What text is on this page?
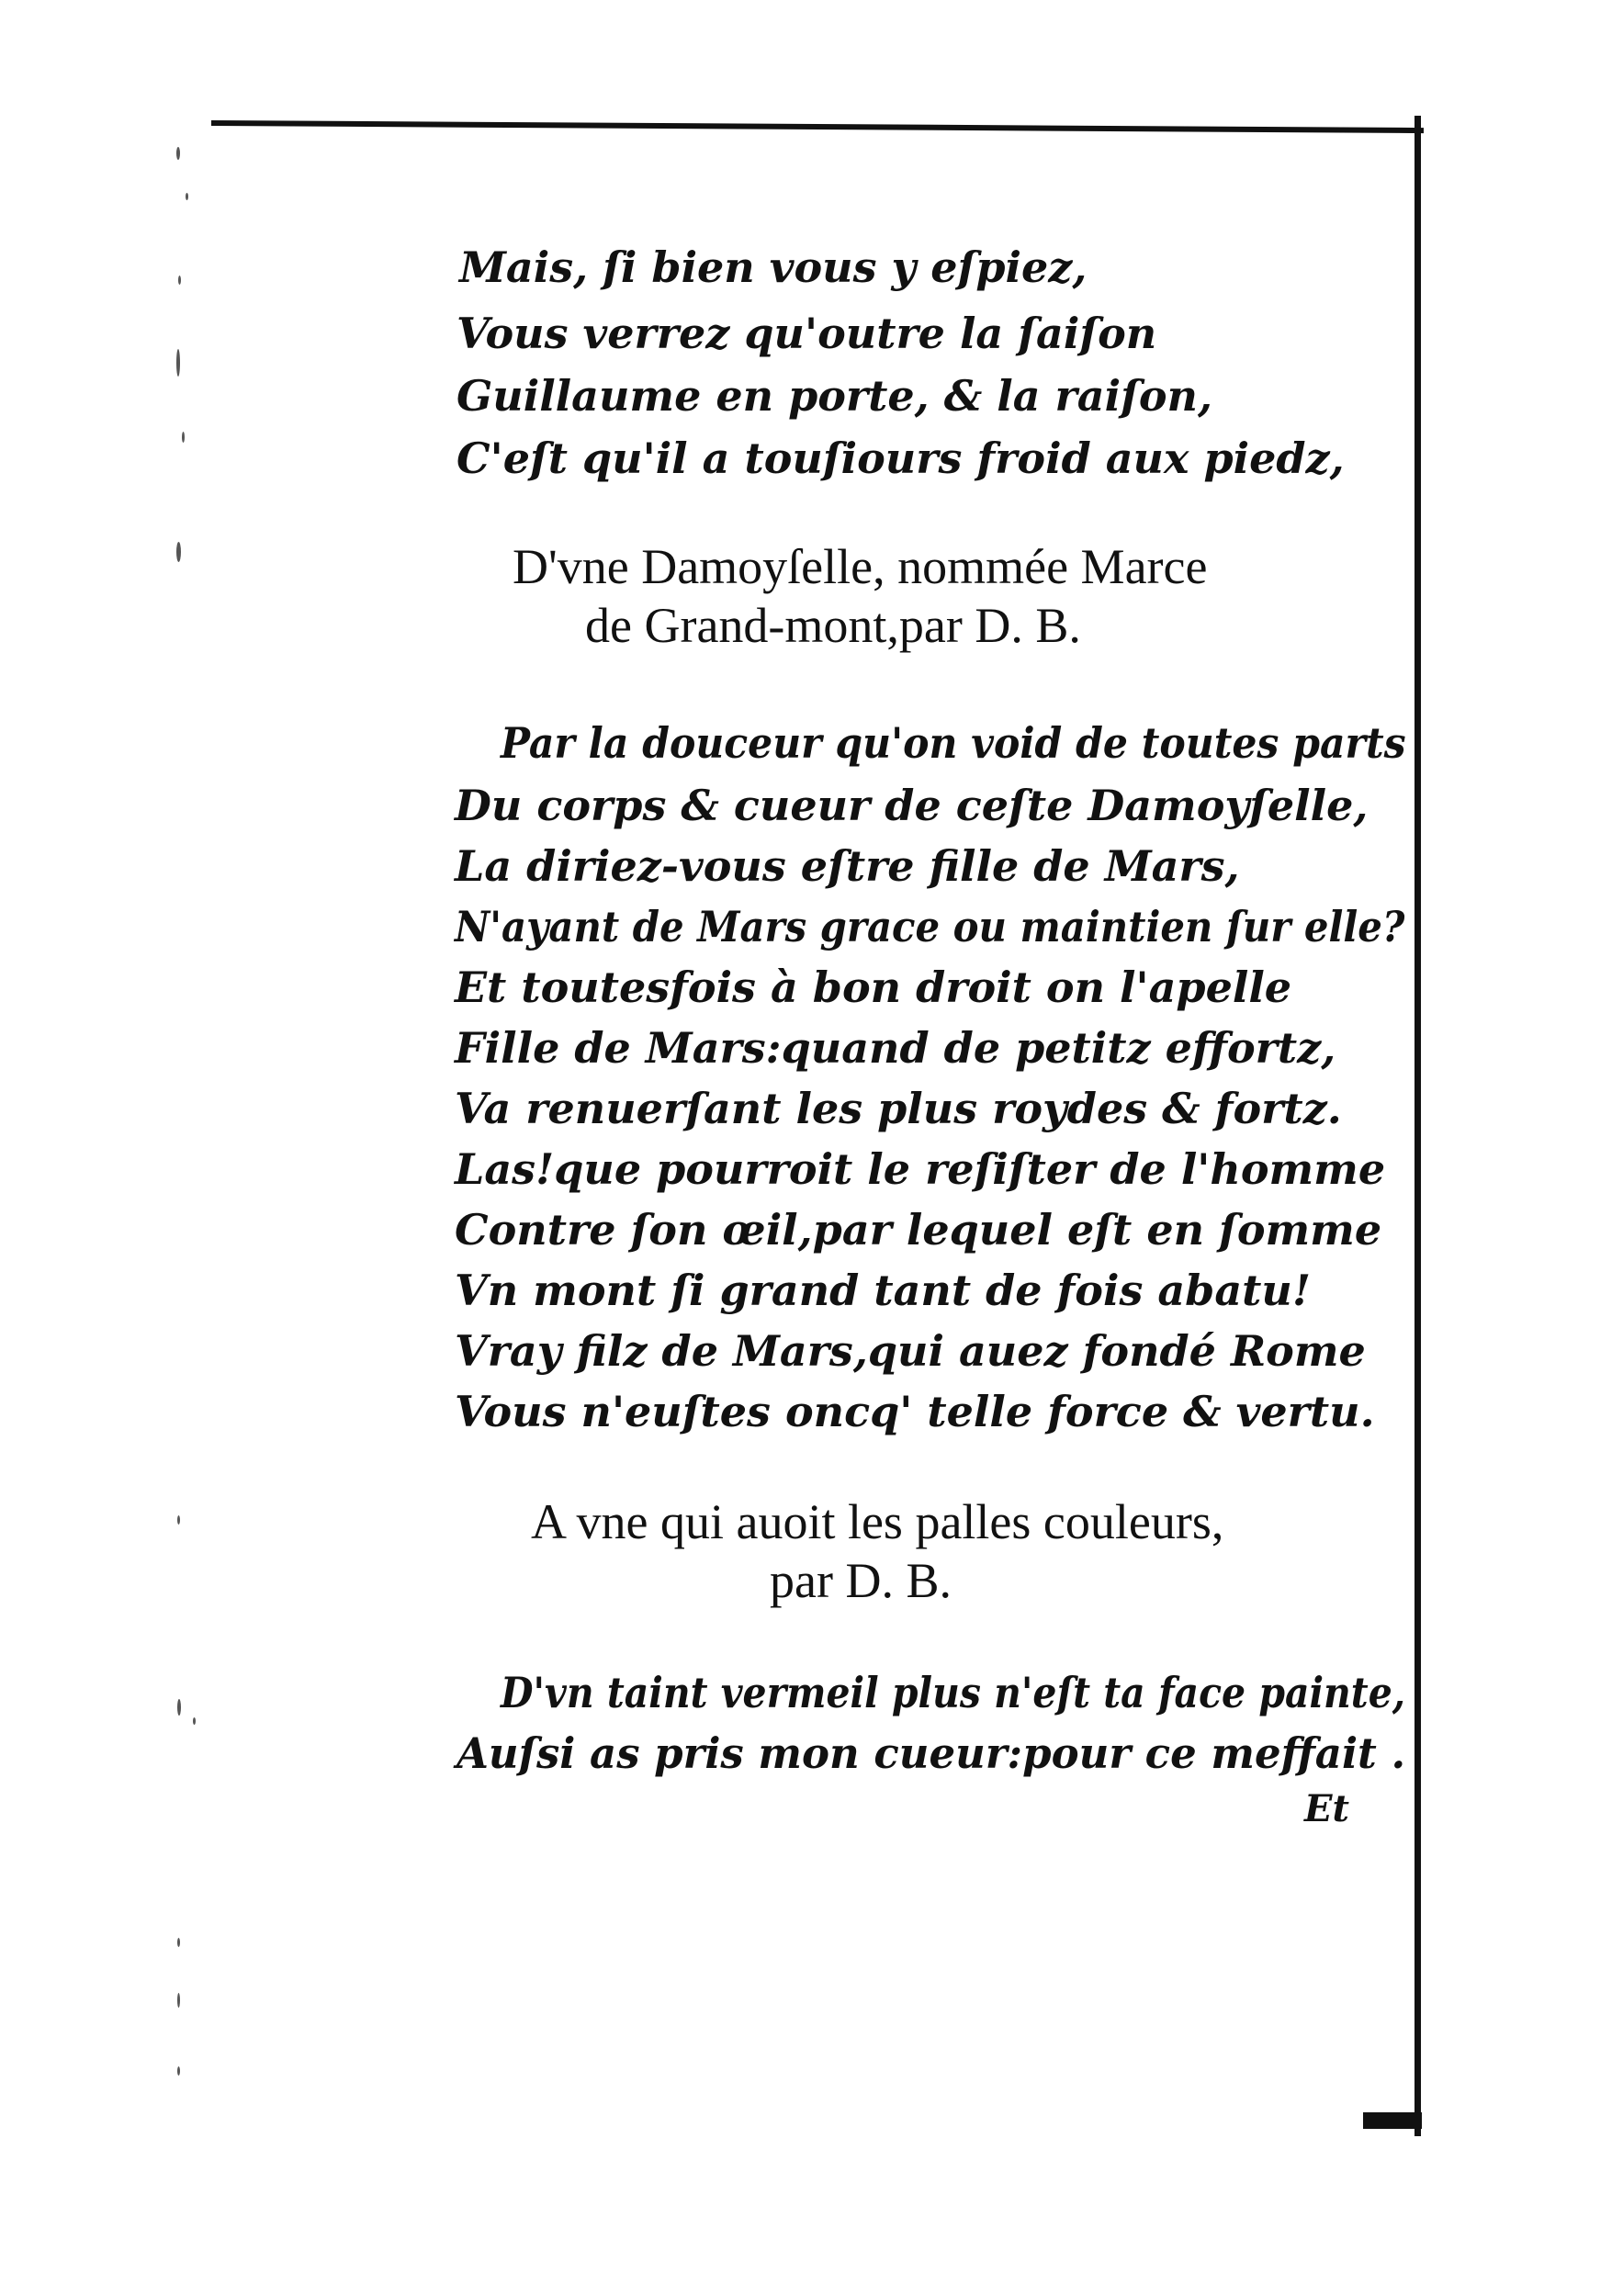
Mais, ſi bien vous y eſpiez,
Vous verrez qu'outre la ſaiſon
Guillaume en porte, & la raiſon,
C'eſt qu'il a touſiours froid aux piedz,
D'vne Damoyſelle, nommée Marce
de Grand-mont,par D. B.
Par la douceur qu'on void de toutes parts
Du corps & cueur de ceſte Damoyſelle,
La diriez-vous eſtre fille de Mars,
N'ayant de Mars grace ou maintien ſur elle?
Et toutesfois à bon droit on l'apelle
Fille de Mars:quand de petitz effortz,
Va renuerſant les plus roydes & fortz.
Las!que pourroit le reſiſter de l'homme
Contre ſon œil,par lequel eſt en ſomme
Vn mont ſi grand tant de fois abatu!
Vray filz de Mars,qui auez fondé Rome
Vous n'euſtes oncq' telle force & vertu.
A vne qui auoit les palles couleurs,
par D. B.
D'vn taint vermeil plus n'eſt ta face painte,
Auſsi as pris mon cueur:pour ce meffait .
Et
